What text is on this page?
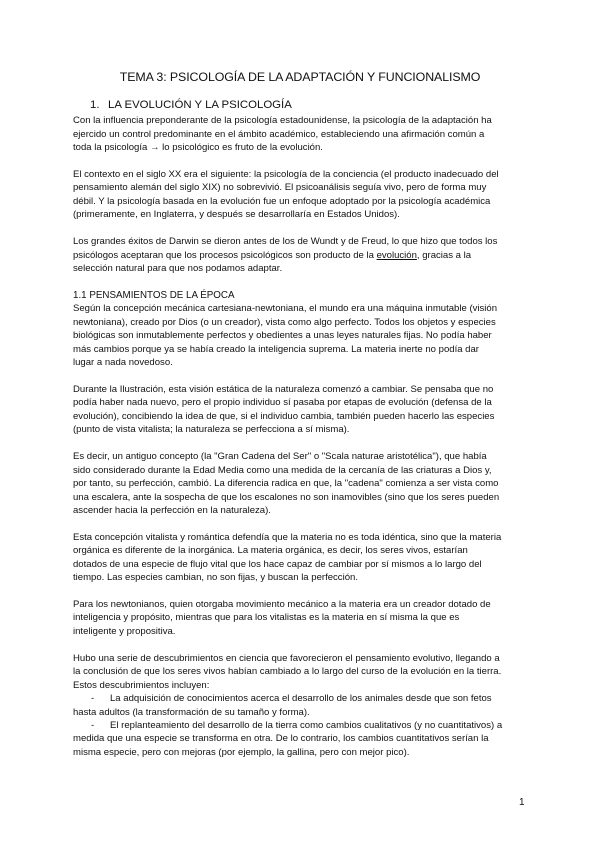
TEMA 3: PSICOLOGÍA DE LA ADAPTACIÓN Y FUNCIONALISMO
1. LA EVOLUCIÓN Y LA PSICOLOGÍA
Con la influencia preponderante de la psicología estadounidense, la psicología de la adaptación ha
ejercido un control predominante en el ámbito académico, estableciendo una afirmación común a
toda la psicología → lo psicológico es fruto de la evolución.
El contexto en el siglo XX era el siguiente: la psicología de la conciencia (el producto inadecuado del
pensamiento alemán del siglo XIX) no sobrevivió. El psicoanálisis seguía vivo, pero de forma muy
débil. Y la psicología basada en la evolución fue un enfoque adoptado por la psicología académica
(primeramente, en Inglaterra, y después se desarrollaría en Estados Unidos).
Los grandes éxitos de Darwin se dieron antes de los de Wundt y de Freud, lo que hizo que todos los
psicólogos aceptaran que los procesos psicológicos son producto de la evolución, gracias a la
selección natural para que nos podamos adaptar.
1.1 PENSAMIENTOS DE LA ÉPOCA
Según la concepción mecánica cartesiana-newtoniana, el mundo era una máquina inmutable (visión
newtoniana), creado por Dios (o un creador), vista como algo perfecto. Todos los objetos y especies
biológicas son inmutablemente perfectos y obedientes a unas leyes naturales fijas. No podía haber
más cambios porque ya se había creado la inteligencia suprema. La materia inerte no podía dar
lugar a nada novedoso.
Durante la Ilustración, esta visión estática de la naturaleza comenzó a cambiar. Se pensaba que no
podía haber nada nuevo, pero el propio individuo sí pasaba por etapas de evolución (defensa de la
evolución), concibiendo la idea de que, si el individuo cambia, también pueden hacerlo las especies
(punto de vista vitalista; la naturaleza se perfecciona a sí misma).
Es decir, un antiguo concepto (la "Gran Cadena del Ser" o "Scala naturae aristotélica"), que había
sido considerado durante la Edad Media como una medida de la cercanía de las criaturas a Dios y,
por tanto, su perfección, cambió. La diferencia radica en que, la "cadena" comienza a ser vista como
una escalera, ante la sospecha de que los escalones no son inamovibles (sino que los seres pueden
ascender hacia la perfección en la naturaleza).
Esta concepción vitalista y romántica defendía que la materia no es toda idéntica, sino que la materia
orgánica es diferente de la inorgánica. La materia orgánica, es decir, los seres vivos, estarían
dotados de una especie de flujo vital que los hace capaz de cambiar por sí mismos a lo largo del
tiempo. Las especies cambian, no son fijas, y buscan la perfección.
Para los newtonianos, quien otorgaba movimiento mecánico a la materia era un creador dotado de
inteligencia y propósito, mientras que para los vitalistas es la materia en sí misma la que es
inteligente y propositiva.
Hubo una serie de descubrimientos en ciencia que favorecieron el pensamiento evolutivo, llegando a
la conclusión de que los seres vivos habían cambiado a lo largo del curso de la evolución en la tierra.
Estos descubrimientos incluyen:
- La adquisición de conocimientos acerca el desarrollo de los animales desde que son fetos
hasta adultos (la transformación de su tamaño y forma).
- El replanteamiento del desarrollo de la tierra como cambios cualitativos (y no cuantitativos) a
medida que una especie se transforma en otra. De lo contrario, los cambios cuantitativos serían la
misma especie, pero con mejoras (por ejemplo, la gallina, pero con mejor pico).
1
